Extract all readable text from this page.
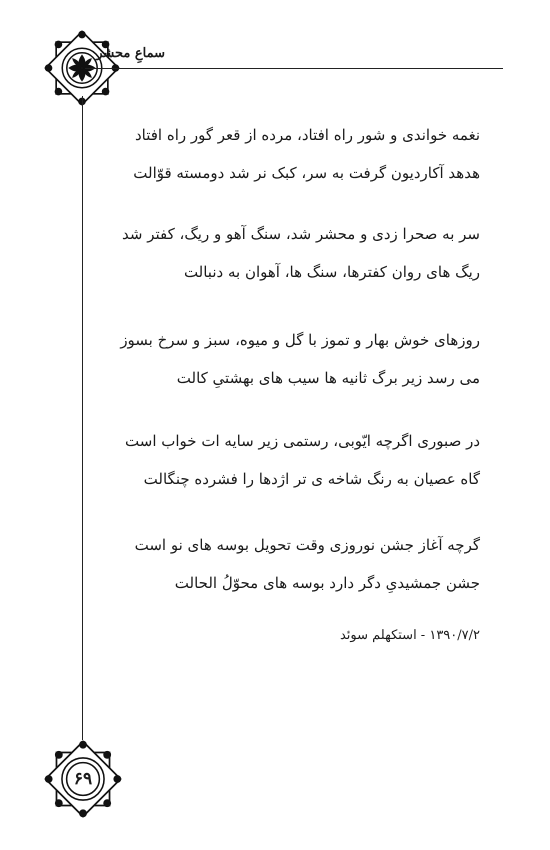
سماعِ محشر
نغمه خواندی و شور راه افتاد، مرده از قعر گور راه افتاد
هدهد آکاردیون گرفت به سر، کبک نر شد دومسته قوّالت
سر به صحرا زدی و محشر شد، سنگ آهو و ریگ، کفتر شد
ریگ های روان کفترها، سنگ ها، آهوان به دنبالت
روزهای خوش بهار و تموز با گل و میوه، سبز و سرخ بسوز
می رسد زیر برگ ثانیه ها سیب های بهشتیِ کالت
در صبوری اگرچه ایّوبی، رستمی زیر سایه ات خواب است
گاه عصیان به رنگ شاخه ی تر اژدها را فشرده چنگالت
گرچه آغاز جشن نوروزی وقت تحویل بوسه های نو است
جشن جمشیدیِ دگر دارد بوسه های محوّلُ الحالت
۱۳۹۰/۷/۲ - استکهلم سوئد
۶۹
